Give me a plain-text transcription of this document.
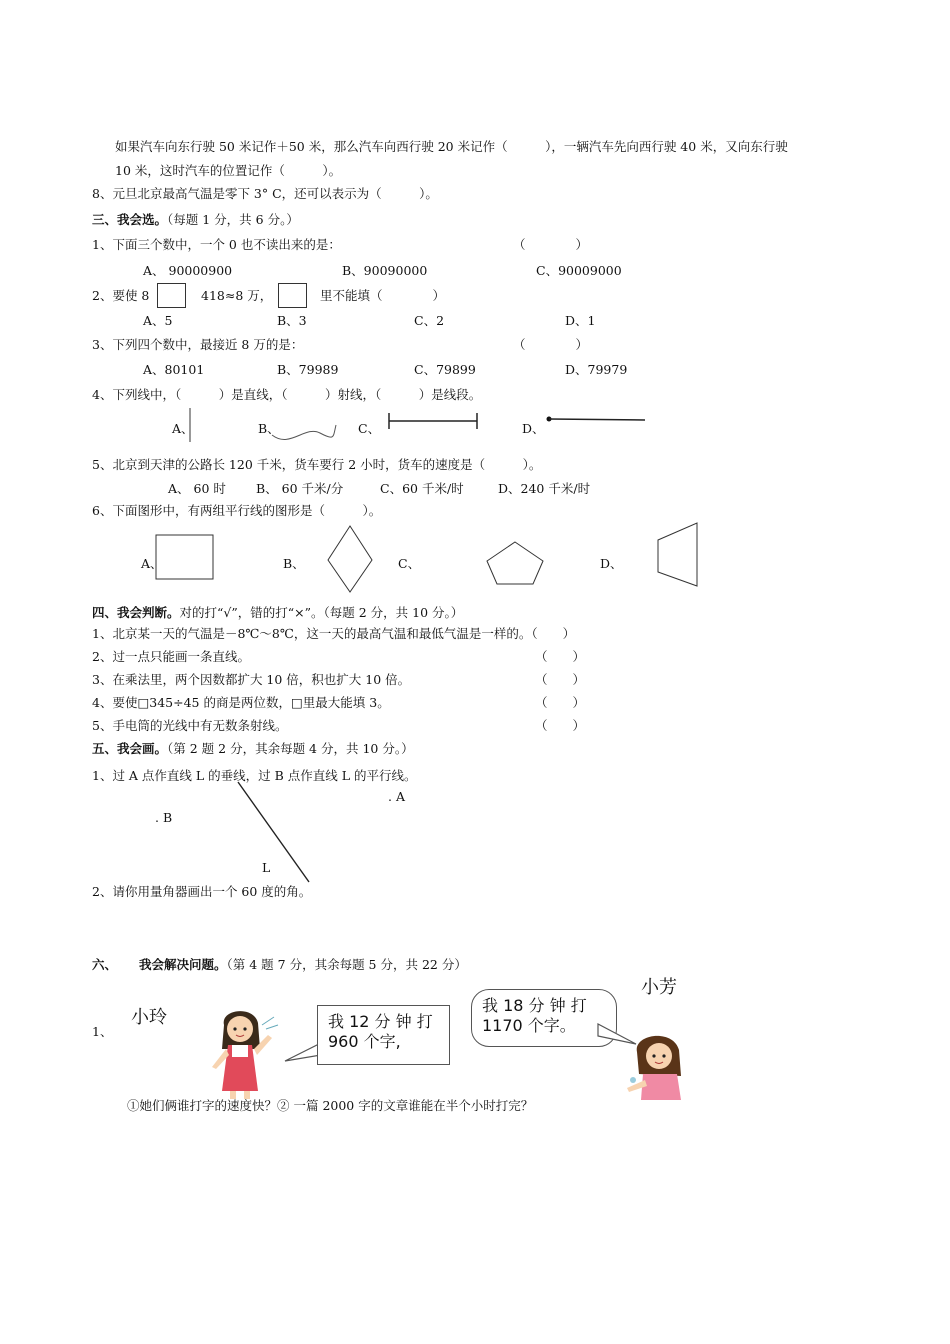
如果汽车向东行驶 50 米记作＋50 米，那么汽车向西行驶 20 米记作（　　　），一辆汽车先向西行驶 40 米，又向东行驶
10 米，这时汽车的位置记作（　　　）。
8、元旦北京最高气温是零下 3° C，还可以表示为（　　　）。
三、我会选。（每题 1 分，共 6 分。）
1、下面三个数中，一个 0 也不读出来的是：	（　　　　）
A、 90000900	B、90090000	C、90009000
2、要使 8	418≈8 万，	里不能填（　　　　）
A、5	B、3	C、2	D、1
3、下列四个数中，最接近 8 万的是：	（　　　　）
A、80101	B、79989	C、79899	D、79979
4、下列线中，（　　　）是直线，（　　　）射线，（　　　）是线段。
A、	B、	C、	D、
5、北京到天津的公路长 120 千米，货车要行 2 小时，货车的速度是（　　　）。
A、 60 时 B、 60 千米/分	C、60 千米/时	D、240 千米/时
6、下面图形中，有两组平行线的图形是（　　　）。
A、	B、	C、	D、
四、我会判断。对的打“√”，错的打“×”。（每题 2 分，共 10 分。）
1、北京某一天的气温是－8℃～8℃，这一天的最高气温和最低气温是一样的。（　　）
2、过一点只能画一条直线。	（　　）
3、在乘法里，两个因数都扩大 10 倍，积也扩大 10 倍。	（　　）
4、要使□345÷45 的商是两位数，□里最大能填 3。	（　　）
5、手电筒的光线中有无数条射线。	（　　）
五、我会画。（第 2 题 2 分，其余每题 4 分，共 10 分。）
1、过 A 点作直线 L 的垂线，过 B 点作直线 L 的平行线。
. A
. B
L
2、请你用量角器画出一个 60 度的角。
六、 我会解决问题。（第 4 题 7 分，其余每题 5 分，共 22 分）
1、
小玲
小芳
我 12 分 钟 打 960 个字,
我 18 分 钟 打 1170 个字。
①她们俩谁打字的速度快？② 一篇 2000 字的文章谁能在半个小时打完？
